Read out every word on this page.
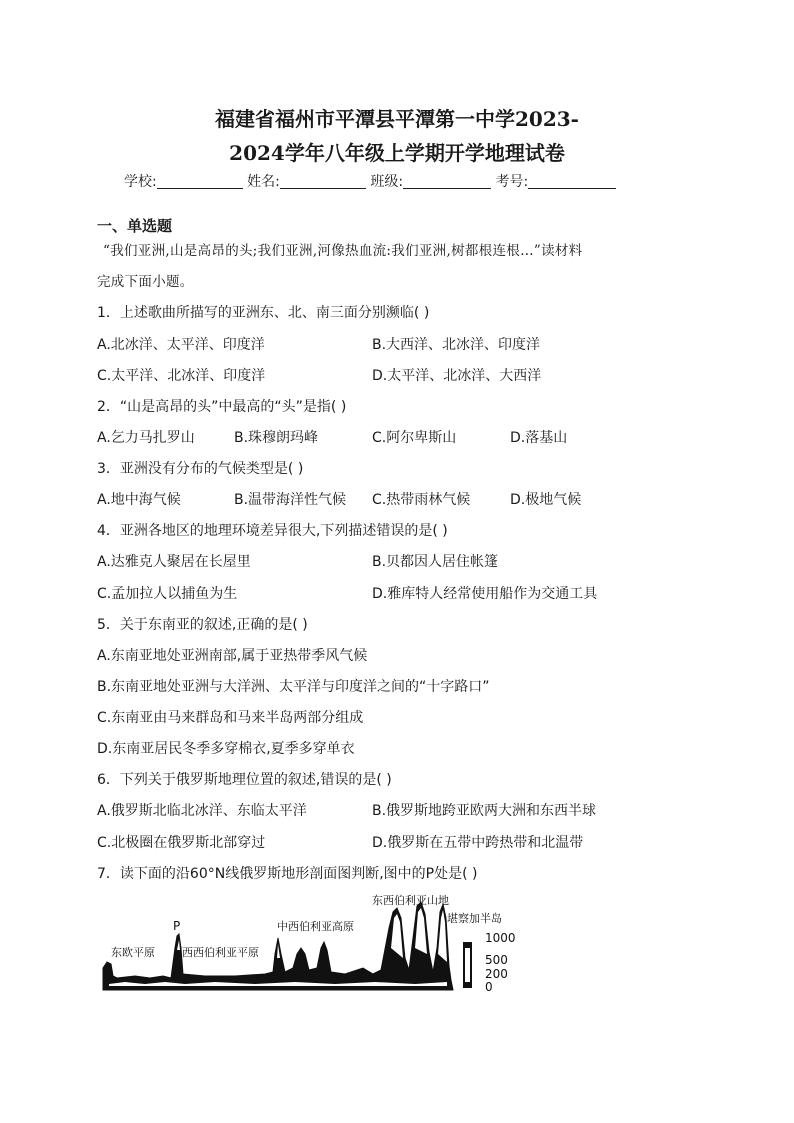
福建省福州市平潭县平潭第一中学2023-
2024学年八年级上学期开学地理试卷
学校:	姓名:	班级:	考号:
一、单选题
“我们亚洲,山是高昂的头;我们亚洲,河像热血流:我们亚洲,树都根连根…”读材料
完成下面小题。
1．上述歌曲所描写的亚洲东、北、南三面分别濒临( )
A.北冰洋、太平洋、印度洋	B.大西洋、北冰洋、印度洋
C.太平洋、北冰洋、印度洋	D.太平洋、北冰洋、大西洋
2．“山是高昂的头”中最高的“头”是指( )
A.乞力马扎罗山	B.珠穆朗玛峰	C.阿尔卑斯山	D.落基山
3．亚洲没有分布的气候类型是( )
A.地中海气候	B.温带海洋性气候 C.热带雨林气候	D.极地气候
4．亚洲各地区的地理环境差异很大,下列描述错误的是( )
A.达雅克人聚居在长屋里	B.贝都因人居住帐篷
C.孟加拉人以捕鱼为生	D.雅库特人经常使用船作为交通工具
5．关于东南亚的叙述,正确的是( )
A.东南亚地处亚洲南部,属于亚热带季风气候
B.东南亚地处亚洲与大洋洲、太平洋与印度洋之间的“十字路口”
C.东南亚由马来群岛和马来半岛两部分组成
D.东南亚居民冬季多穿棉衣,夏季多穿单衣
6．下列关于俄罗斯地理位置的叙述,错误的是( )
A.俄罗斯北临北冰洋、东临太平洋	B.俄罗斯地跨亚欧两大洲和东西半球
C.北极圈在俄罗斯北部穿过	D.俄罗斯在五带中跨热带和北温带
7．读下面的沿60°N线俄罗斯地形剖面图判断,图中的P处是( )
东欧平原
P
西西伯利亚平原
中西伯利亚高原
东西伯利亚山地
堪察加半岛
1000
500
200
0
